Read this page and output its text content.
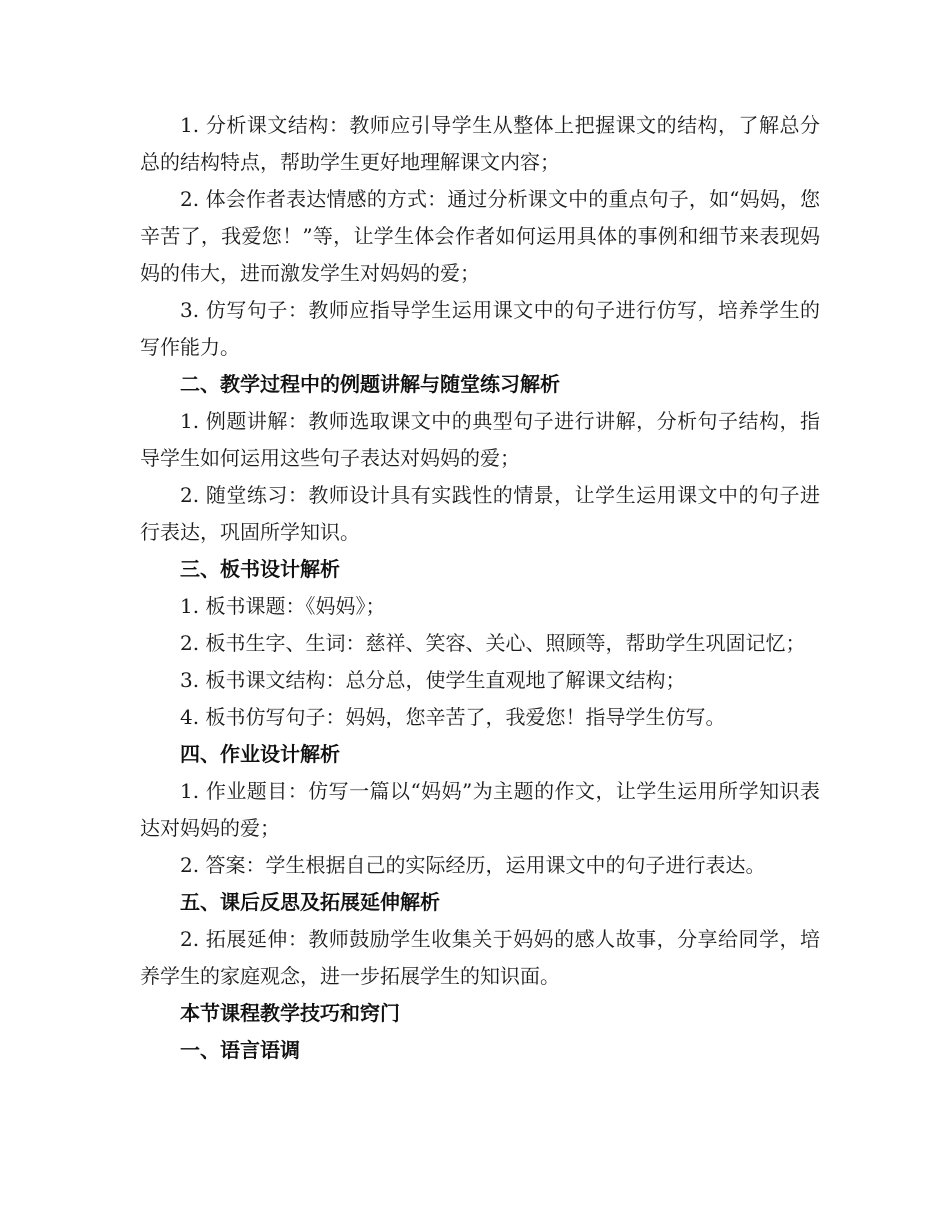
1. 分析课文结构：教师应引导学生从整体上把握课文的结构，了解总分总的结构特点，帮助学生更好地理解课文内容；

2. 体会作者表达情感的方式：通过分析课文中的重点句子，如“妈妈，您辛苦了，我爱您！”等，让学生体会作者如何运用具体的事例和细节来表现妈妈的伟大，进而激发学生对妈妈的爱；

3. 仿写句子：教师应指导学生运用课文中的句子进行仿写，培养学生的写作能力。

二、教学过程中的例题讲解与随堂练习解析

1. 例题讲解：教师选取课文中的典型句子进行讲解，分析句子结构，指导学生如何运用这些句子表达对妈妈的爱；

2. 随堂练习：教师设计具有实践性的情景，让学生运用课文中的句子进行表达，巩固所学知识。

三、板书设计解析

1. 板书课题：《妈妈》；

2. 板书生字、生词：慈祥、笑容、关心、照顾等，帮助学生巩固记忆；

3. 板书课文结构：总分总，使学生直观地了解课文结构；

4. 板书仿写句子：妈妈，您辛苦了，我爱您！指导学生仿写。

四、作业设计解析

1. 作业题目：仿写一篇以“妈妈”为主题的作文，让学生运用所学知识表达对妈妈的爱；

2. 答案：学生根据自己的实际经历，运用课文中的句子进行表达。

五、课后反思及拓展延伸解析

2. 拓展延伸：教师鼓励学生收集关于妈妈的感人故事，分享给同学，培养学生的家庭观念，进一步拓展学生的知识面。

本节课程教学技巧和窍门

一、语言语调
